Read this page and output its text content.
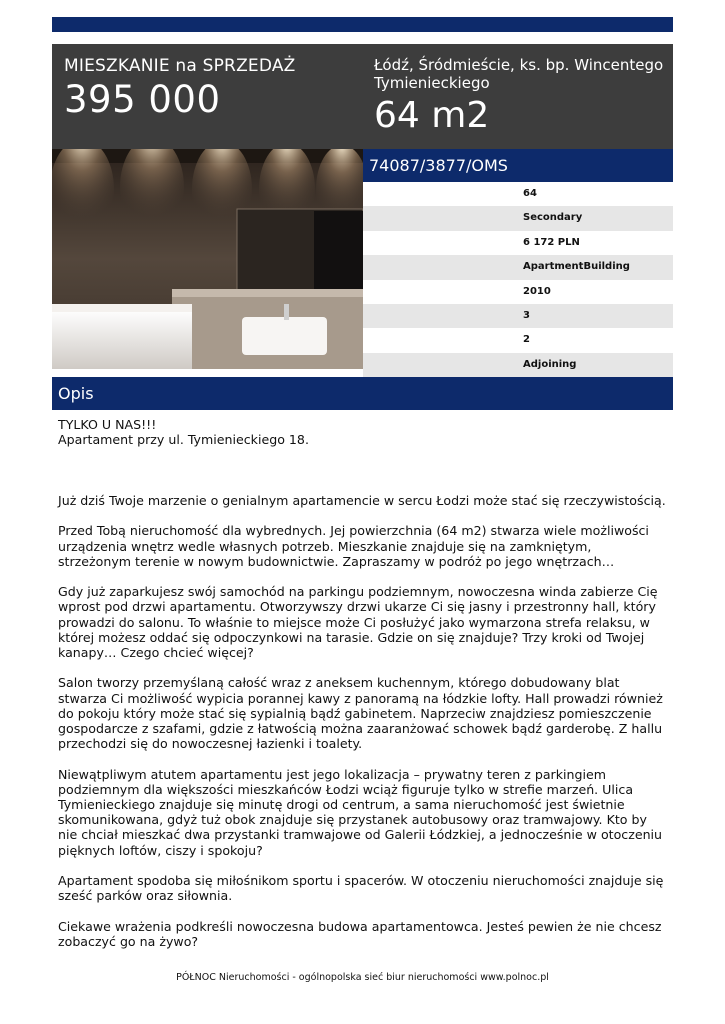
MIESZKANIE na SPRZEDAŻ
395 000
Łódź, Śródmieście, ks. bp. Wincentego Tymienieckiego
64 m2
74087/3877/OMS
64
Secondary
6 172 PLN
ApartmentBuilding
2010
3
2
Adjoining
Opis

TYLKO U NAS!!!
Apartament przy ul. Tymienieckiego 18.

Już dziś Twoje marzenie o genialnym apartamencie w sercu Łodzi może stać się rzeczywistością.

Przed Tobą nieruchomość dla wybrednych. Jej powierzchnia (64 m2) stwarza wiele możliwości urządzenia wnętrz wedle własnych potrzeb. Mieszkanie znajduje się na zamkniętym, strzeżonym terenie w nowym budownictwie. Zapraszamy w podróż po jego wnętrzach…

Gdy już zaparkujesz swój samochód na parkingu podziemnym, nowoczesna winda zabierze Cię wprost pod drzwi apartamentu. Otworzywszy drzwi ukarze Ci się jasny i przestronny hall, który prowadzi do salonu. To właśnie to miejsce może Ci posłużyć jako wymarzona strefa relaksu, w której możesz oddać się odpoczynkowi na tarasie. Gdzie on się znajduje? Trzy kroki od Twojej kanapy… Czego chcieć więcej?

Salon tworzy przemyślaną całość wraz z aneksem kuchennym, którego dobudowany blat stwarza Ci możliwość wypicia porannej kawy z panoramą na łódzkie lofty. Hall prowadzi również do pokoju który może stać się sypialnią bądź gabinetem. Naprzeciw znajdziesz pomieszczenie gospodarcze z szafami, gdzie z łatwością można zaaranżować schowek bądź garderobę. Z hallu przechodzi się do nowoczesnej łazienki i toalety.

Niewątpliwym atutem apartamentu jest jego lokalizacja – prywatny teren z parkingiem podziemnym dla większości mieszkańców Łodzi wciąż figuruje tylko w strefie marzeń. Ulica Tymienieckiego znajduje się minutę drogi od centrum, a sama nieruchomość jest świetnie skomunikowana, gdyż tuż obok znajduje się przystanek autobusowy oraz tramwajowy. Kto by nie chciał mieszkać dwa przystanki tramwajowe od Galerii Łódzkiej, a jednocześnie w otoczeniu pięknych loftów, ciszy i spokoju?

Apartament spodoba się miłośnikom sportu i spacerów. W otoczeniu nieruchomości znajduje się sześć parków oraz siłownia.

Ciekawe wrażenia podkreśli nowoczesna budowa apartamentowca. Jesteś pewien że nie chcesz zobaczyć go na żywo?

PÓŁNOC Nieruchomości - ogólnopolska sieć biur nieruchomości www.polnoc.pl
